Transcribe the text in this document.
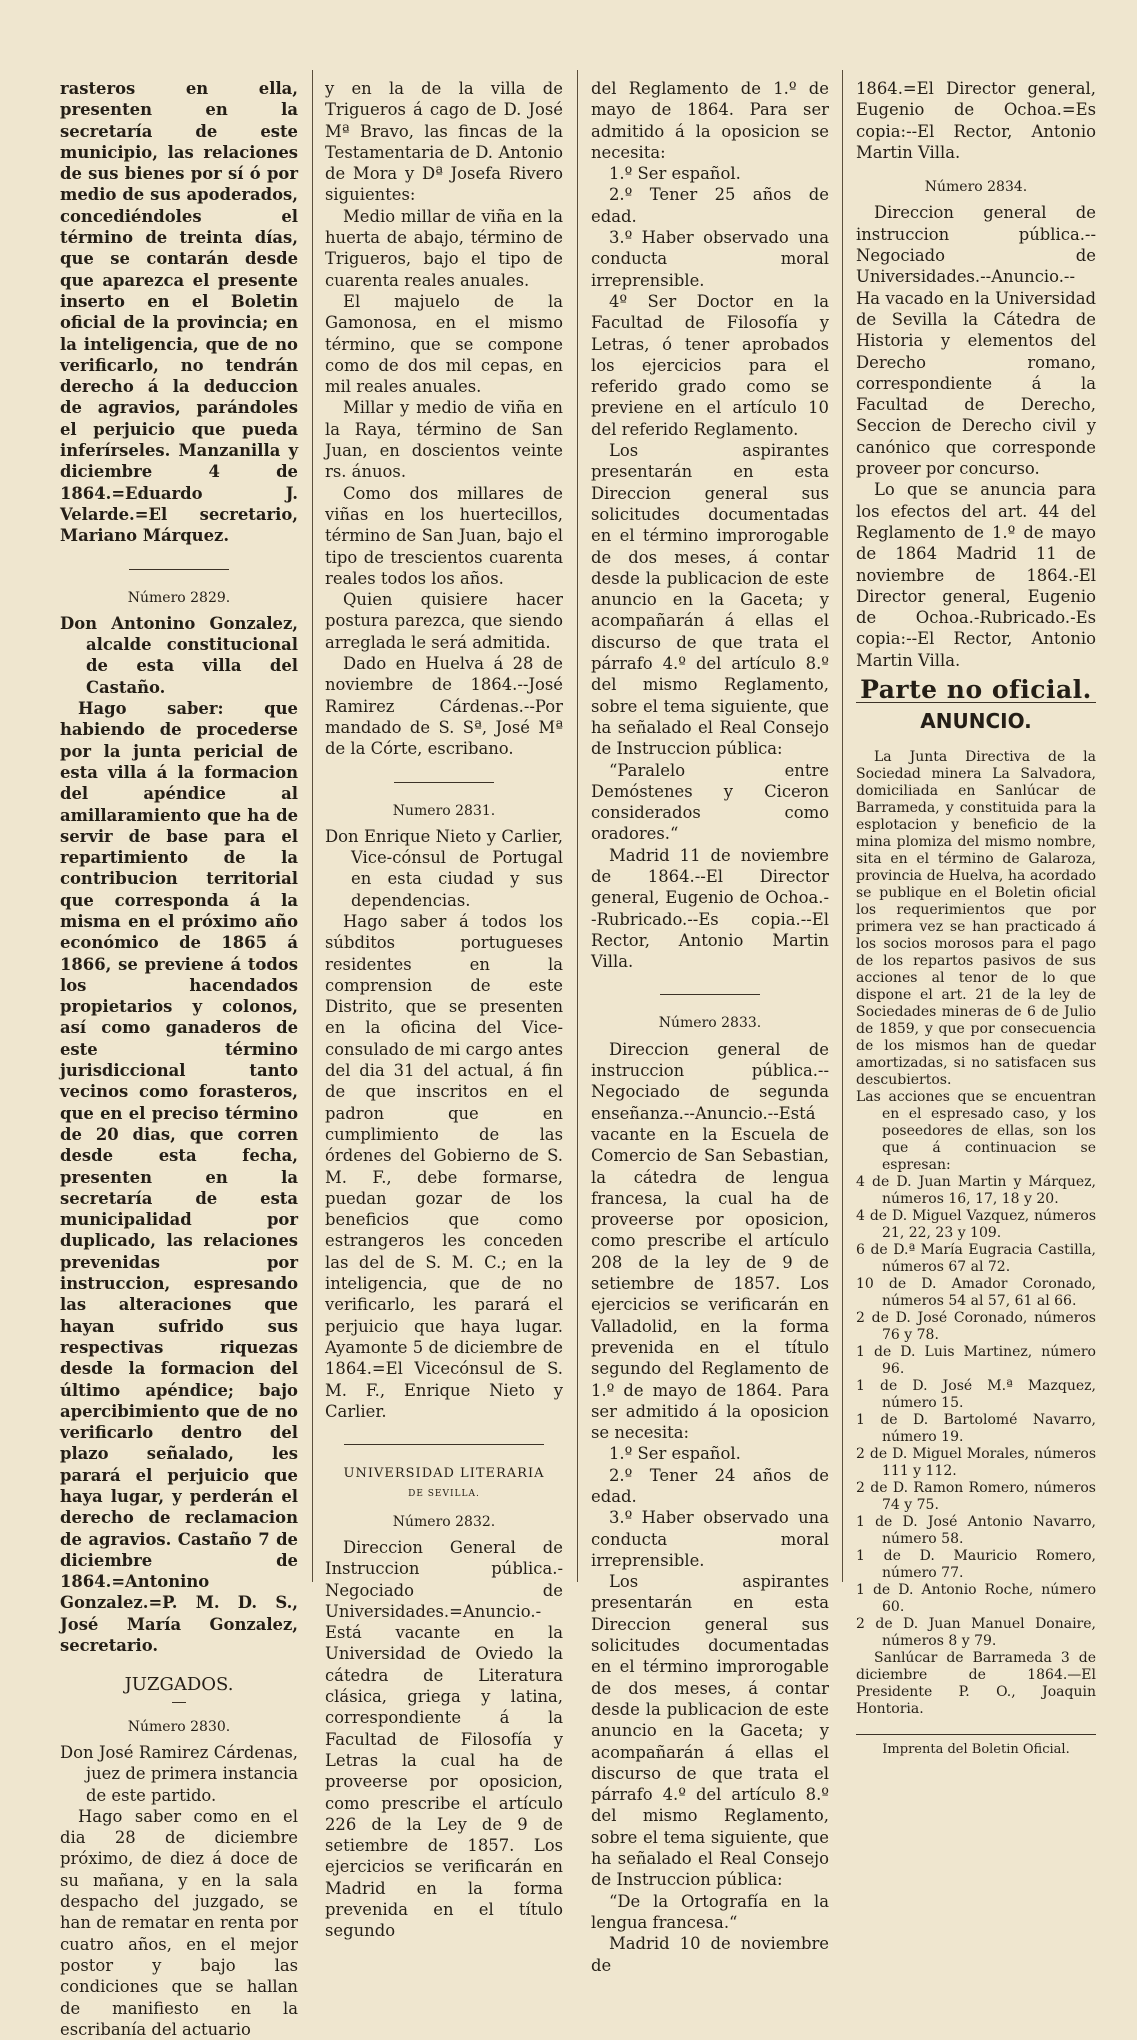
rasteros en ella, presenten en la secretaría de este municipio, las relaciones de sus bienes por sí ó por medio de sus apoderados, concediéndoles el término de treinta días, que se contarán desde que aparezca el presente inserto en el Boletin oficial de la provincia; en la inteligencia, que de no verificarlo, no tendrán derecho á la deduccion de agravios, parándoles el perjuicio que pueda inferírseles. Manzanilla y diciembre 4 de 1864.=Eduardo J. Velarde.=El secretario, Mariano Márquez.

Número 2829.

Don Antonino Gonzalez, alcalde constitucional de esta villa del Castaño.

Hago saber: que habiendo de procederse por la junta pericial de esta villa á la formacion del apéndice al amillaramiento que ha de servir de base para el repartimiento de la contribucion territorial que corresponda á la misma en el próximo año económico de 1865 á 1866, se previene á todos los hacendados propietarios y colonos, así como ganaderos de este término jurisdiccional tanto vecinos como forasteros, que en el preciso término de 20 dias, que corren desde esta fecha, presenten en la secretaría de esta municipalidad por duplicado, las relaciones prevenidas por instruccion, espresando las alteraciones que hayan sufrido sus respectivas riquezas desde la formacion del último apéndice; bajo apercibimiento que de no verificarlo dentro del plazo señalado, les parará el perjuicio que haya lugar, y perderán el derecho de reclamacion de agravios. Castaño 7 de diciembre de 1864.=Antonino Gonzalez.=P. M. D. S., José María Gonzalez, secretario.

JUZGADOS.
Número 2830.

Don José Ramirez Cárdenas, juez de primera instancia de este partido.

Hago saber como en el dia 28 de diciembre próximo, de diez á doce de su mañana, y en la sala despacho del juzgado, se han de rematar en renta por cuatro años, en el mejor postor y bajo las condiciones que se hallan de manifiesto en la escribanía del actuario

y en la de la villa de Trigueros á cago de D. José Mª Bravo, las fincas de la Testamentaria de D. Antonio de Mora y Dª Josefa Rivero siguientes:

Medio millar de viña en la huerta de abajo, término de Trigueros, bajo el tipo de cuarenta reales anuales.

El majuelo de la Gamonosa, en el mismo término, que se compone como de dos mil cepas, en mil reales anuales.

Millar y medio de viña en la Raya, término de San Juan, en doscientos veinte rs. ánuos.

Como dos millares de viñas en los huertecillos, término de San Juan, bajo el tipo de trescientos cuarenta reales todos los años.

Quien quisiere hacer postura parezca, que siendo arreglada le será admitida.

Dado en Huelva á 28 de noviembre de 1864.--José Ramirez Cárdenas.--Por mandado de S. Sª, José Mª de la Córte, escribano.

Numero 2831.

Don Enrique Nieto y Carlier, Vice-cónsul de Portugal en esta ciudad y sus dependencias.

Hago saber á todos los súbditos portugueses residentes en la comprension de este Distrito, que se presenten en la oficina del Vice-consulado de mi cargo antes del dia 31 del actual, á fin de que inscritos en el padron que en cumplimiento de las órdenes del Gobierno de S. M. F., debe formarse, puedan gozar de los beneficios que como estrangeros les conceden las del de S. M. C.; en la inteligencia, que de no verificarlo, les parará el perjuicio que haya lugar. Ayamonte 5 de diciembre de 1864.=El Vicecónsul de S. M. F., Enrique Nieto y Carlier.

UNIVERSIDAD LITERARIA
DE SEVILLA.
Número 2832.

Direccion General de Instruccion pública.-Negociado de Universidades.=Anuncio.-Está vacante en la Universidad de Oviedo la cátedra de Literatura clásica, griega y latina, correspondiente á la Facultad de Filosofía y Letras la cual ha de proveerse por oposicion, como prescribe el artículo 226 de la Ley de 9 de setiembre de 1857. Los ejercicios se verificarán en Madrid en la forma prevenida en el título segundo

del Reglamento de 1.º de mayo de 1864. Para ser admitido á la oposicion se necesita:

1.º Ser español.

2.º Tener 25 años de edad.

3.º Haber observado una conducta moral irreprensible.

4º Ser Doctor en la Facultad de Filosofía y Letras, ó tener aprobados los ejercicios para el referido grado como se previene en el artículo 10 del referido Reglamento.

Los aspirantes presentarán en esta Direccion general sus solicitudes documentadas en el término improrogable de dos meses, á contar desde la publicacion de este anuncio en la Gaceta; y acompañarán á ellas el discurso de que trata el párrafo 4.º del artículo 8.º del mismo Reglamento, sobre el tema siguiente, que ha señalado el Real Consejo de Instruccion pública:

“Paralelo entre Demóstenes y Ciceron considerados como oradores.“

Madrid 11 de noviembre de 1864.--El Director general, Eugenio de Ochoa.--Rubricado.--Es copia.--El Rector, Antonio Martin Villa.

Número 2833.

Direccion general de instruccion pública.--Negociado de segunda enseñanza.--Anuncio.--Está vacante en la Escuela de Comercio de San Sebastian, la cátedra de lengua francesa, la cual ha de proveerse por oposicion, como prescribe el artículo 208 de la ley de 9 de setiembre de 1857. Los ejercicios se verificarán en Valladolid, en la forma prevenida en el título segundo del Reglamento de 1.º de mayo de 1864. Para ser admitido á la oposicion se necesita:

1.º Ser español.

2.º Tener 24 años de edad.

3.º Haber observado una conducta moral irreprensible.

Los aspirantes presentarán en esta Direccion general sus solicitudes documentadas en el término improrogable de dos meses, á contar desde la publicacion de este anuncio en la Gaceta; y acompañarán á ellas el discurso de que trata el párrafo 4.º del artículo 8.º del mismo Reglamento, sobre el tema siguiente, que ha señalado el Real Consejo de Instruccion pública:

“De la Ortografía en la lengua francesa.“

Madrid 10 de noviembre de

1864.=El Director general, Eugenio de Ochoa.=Es copia:--El Rector, Antonio Martin Villa.

Número 2834.

Direccion general de instruccion pública.--Negociado de Universidades.--Anuncio.--Ha vacado en la Universidad de Sevilla la Cátedra de Historia y elementos del Derecho romano, correspondiente á la Facultad de Derecho, Seccion de Derecho civil y canónico que corresponde proveer por concurso.

Lo que se anuncia para los efectos del art. 44 del Reglamento de 1.º de mayo de 1864 Madrid 11 de noviembre de 1864.-El Director general, Eugenio de Ochoa.-Rubricado.-Es copia:--El Rector, Antonio Martin Villa.

Parte no oficial.
ANUNCIO.

La Junta Directiva de la Sociedad minera La Salvadora, domiciliada en Sanlúcar de Barrameda, y constituida para la esplotacion y beneficio de la mina plomiza del mismo nombre, sita en el término de Galaroza, provincia de Huelva, ha acordado se publique en el Boletin oficial los requerimientos que por primera vez se han practicado á los socios morosos para el pago de los repartos pasivos de sus acciones al tenor de lo que dispone el art. 21 de la ley de Sociedades mineras de 6 de Julio de 1859, y que por consecuencia de los mismos han de quedar amortizadas, si no satisfacen sus descubiertos.

Las acciones que se encuentran en el espresado caso, y los poseedores de ellas, son los que á continuacion se espresan:

4 de D. Juan Martin y Márquez, números 16, 17, 18 y 20.

4 de D. Miguel Vazquez, números 21, 22, 23 y 109.

6 de D.ª María Eugracia Castilla, números 67 al 72.

10 de D. Amador Coronado, números 54 al 57, 61 al 66.

2 de D. José Coronado, números 76 y 78.

1 de D. Luis Martinez, número 96.

1 de D. José M.ª Mazquez, número 15.

1 de D. Bartolomé Navarro, número 19.

2 de D. Miguel Morales, números 111 y 112.

2 de D. Ramon Romero, números 74 y 75.

1 de D. José Antonio Navarro, número 58.

1 de D. Mauricio Romero, número 77.

1 de D. Antonio Roche, número 60.

2 de D. Juan Manuel Donaire, números 8 y 79.

Sanlúcar de Barrameda 3 de diciembre de 1864.—El Presidente P. O., Joaquin Hontoria.

Imprenta del Boletin Oficial.
